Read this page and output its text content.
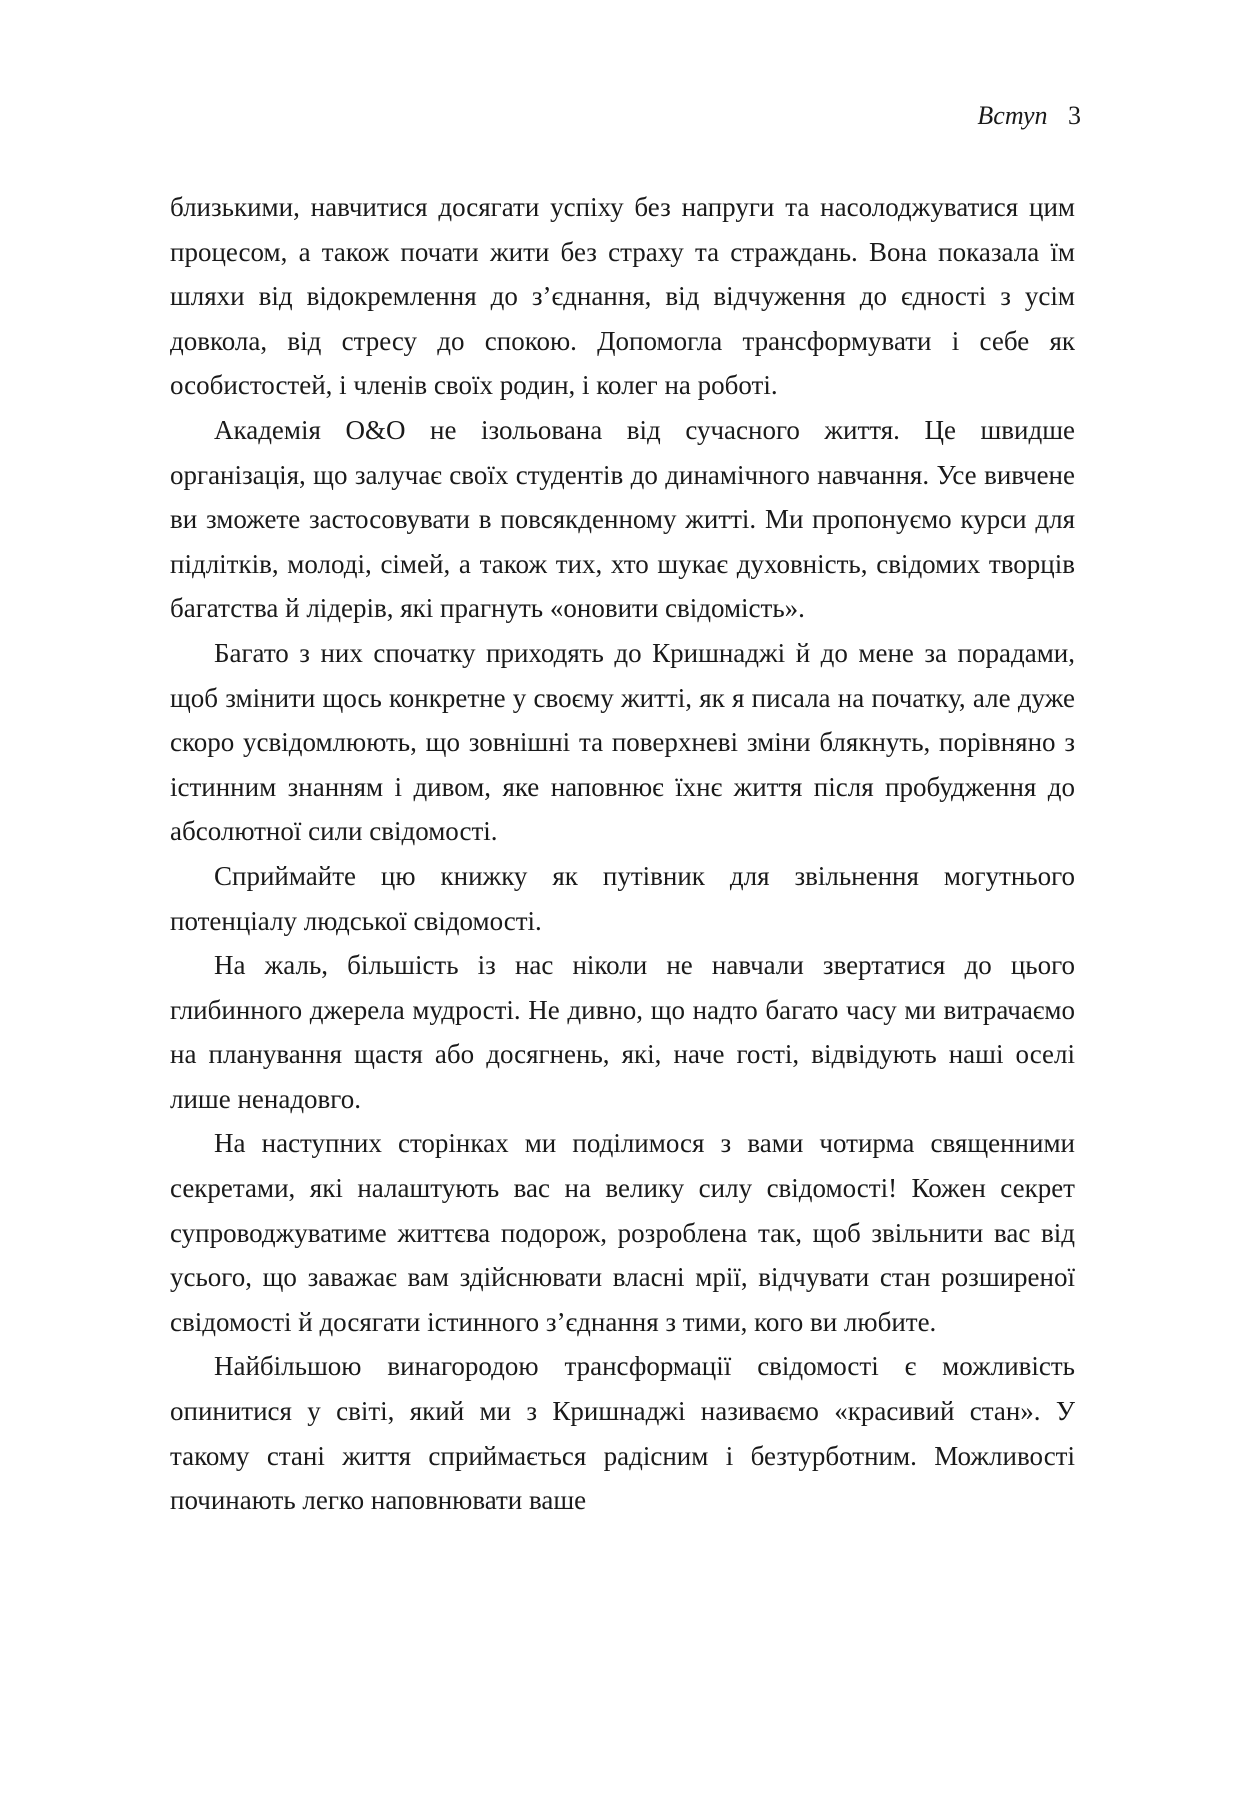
Вступ 3

близькими, навчитися досягати успіху без напруги та насолоджуватися цим процесом, а також почати жити без страху та страждань. Вона показала їм шляхи від відокремлення до з’єднання, від відчуження до єдності з усім довкола, від стресу до спокою. Допомогла трансформувати і себе як особистостей, і членів своїх родин, і колег на роботі.

Академія О&О не ізольована від сучасного життя. Це швидше організація, що залучає своїх студентів до динамічного навчання. Усе вивчене ви зможете застосовувати в повсякденному житті. Ми пропонуємо курси для підлітків, молоді, сімей, а також тих, хто шукає духовність, свідомих творців багатства й лідерів, які прагнуть «оновити свідомість».

Багато з них спочатку приходять до Кришнаджі й до мене за порадами, щоб змінити щось конкретне у своєму житті, як я писала на початку, але дуже скоро усвідомлюють, що зовнішні та поверхневі зміни блякнуть, порівняно з істинним знанням і дивом, яке наповнює їхнє життя після пробудження до абсолютної сили свідомості.

Сприймайте цю книжку як путівник для звільнення могутнього потенціалу людської свідомості.

На жаль, більшість із нас ніколи не навчали звертатися до цього глибинного джерела мудрості. Не дивно, що надто багато часу ми витрачаємо на планування щастя або досягнень, які, наче гості, відвідують наші оселі лише ненадовго.

На наступних сторінках ми поділимося з вами чотирма священними секретами, які налаштують вас на велику силу свідомості! Кожен секрет супроводжуватиме життєва подорож, розроблена так, щоб звільнити вас від усього, що заважає вам здійснювати власні мрії, відчувати стан розширеної свідомості й досягати істинного з’єднання з тими, кого ви любите.

Найбільшою винагородою трансформації свідомості є можливість опинитися у світі, який ми з Кришнаджі називаємо «красивий стан». У такому стані життя сприймається радісним і безтурботним. Можливості починають легко наповнювати ваше
